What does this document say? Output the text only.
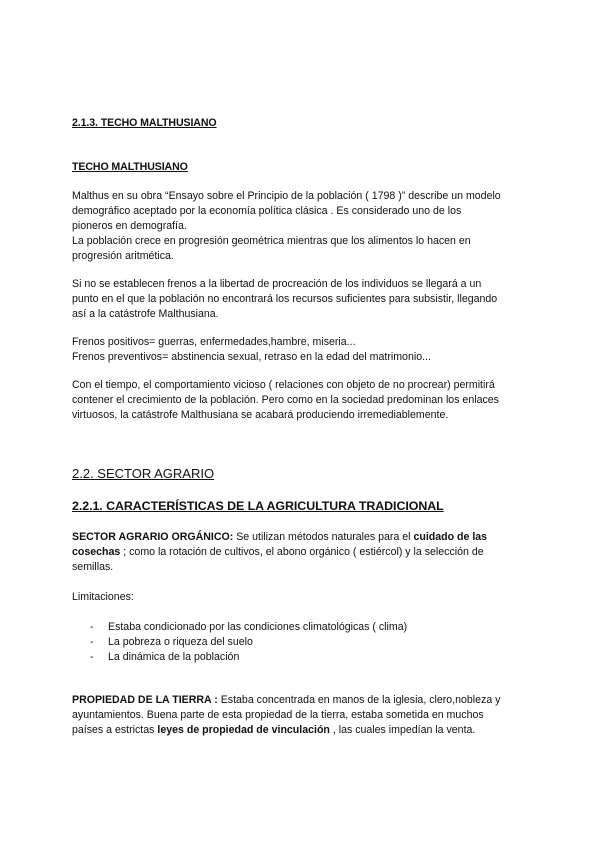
2.1.3. TECHO MALTHUSIANO
TECHO MALTHUSIANO

Malthus en su obra “Ensayo sobre el Principio de la población ( 1798 )” describe un modelo

demográfico aceptado por la economía política clásica . Es considerado uno de los

pioneros en demografía.

La población crece en progresión geométrica mientras que los alimentos lo hacen en

progresión aritmética.

Si no se establecen frenos a la libertad de procreación de los individuos se llegará a un

punto en el que la población no encontrará los recursos suficientes para subsistir, llegando

así a la catástrofe Malthusiana.

Frenos positivos= guerras, enfermedades,hambre, miseria...

Frenos preventivos= abstinencia sexual, retraso en la edad del matrimonio...

Con el tiempo, el comportamiento vicioso ( relaciones con objeto de no procrear) permitirá

contener el crecimiento de la población. Pero como en la sociedad predominan los enlaces

virtuosos, la catástrofe Malthusiana se acabará produciendo irremediablemente.

2.2. SECTOR AGRARIO
2.2.1. CARACTERÍSTICAS DE LA AGRICULTURA TRADICIONAL

SECTOR AGRARIO ORGÁNICO: Se utilizan métodos naturales para el cuidado de las

cosechas ; como la rotación de cultivos, el abono orgánico ( estiércol) y la selección de

semillas.

Limitaciones:
- Estaba condicionado por las condiciones climatológicas ( clima)
- La pobreza o riqueza del suelo
- La dinámica de la población

PROPIEDAD DE LA TIERRA : Estaba concentrada en manos de la iglesia, clero,nobleza y

ayuntamientos. Buena parte de esta propiedad de la tierra, estaba sometida en muchos

países a estrictas leyes de propiedad de vinculación , las cuales impedían la venta.
